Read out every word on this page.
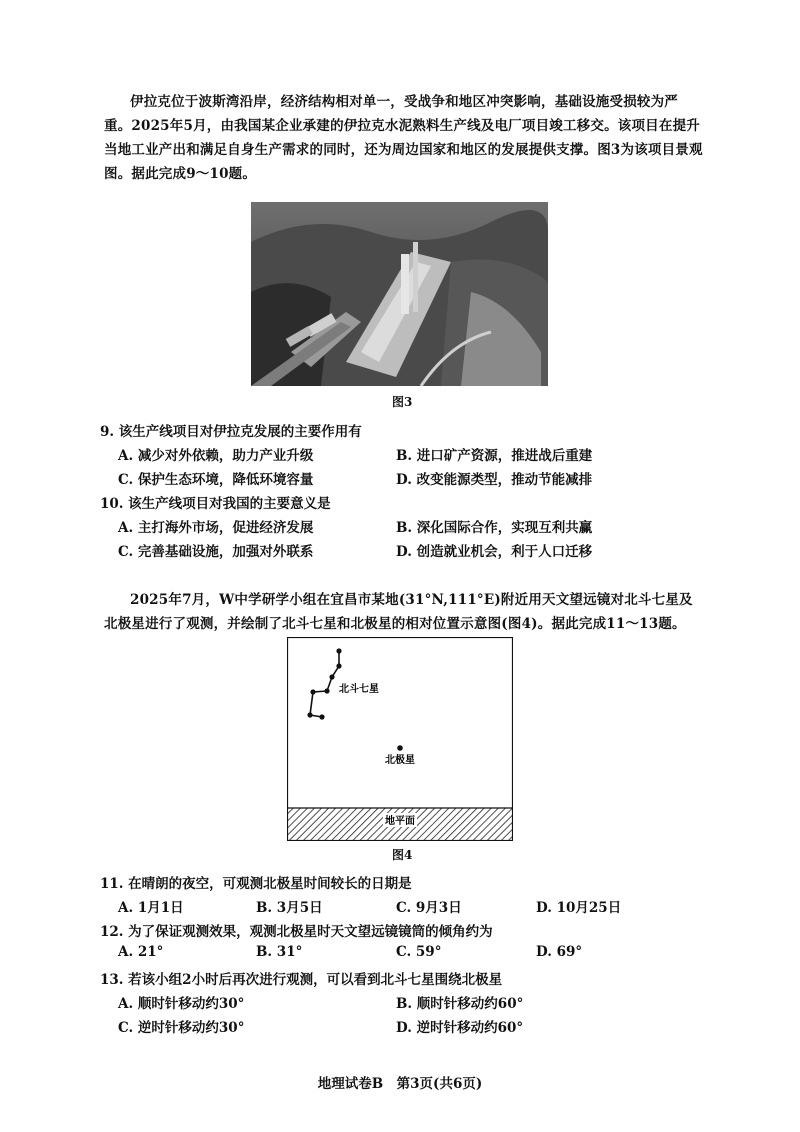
伊拉克位于波斯湾沿岸，经济结构相对单一，受战争和地区冲突影响，基础设施受损较为严重。2025年5月，由我国某企业承建的伊拉克水泥熟料生产线及电厂项目竣工移交。该项目在提升当地工业产出和满足自身生产需求的同时，还为周边国家和地区的发展提供支撑。图3为该项目景观图。据此完成9～10题。
图3
9. 该生产线项目对伊拉克发展的主要作用有
A. 减少对外依赖，助力产业升级	B. 进口矿产资源，推进战后重建
C. 保护生态环境，降低环境容量	D. 改变能源类型，推动节能减排
10. 该生产线项目对我国的主要意义是
A. 主打海外市场，促进经济发展	B. 深化国际合作，实现互利共赢
C. 完善基础设施，加强对外联系	D. 创造就业机会，利于人口迁移
2025年7月，W中学研学小组在宜昌市某地(31°N,111°E)附近用天文望远镜对北斗七星及北极星进行了观测，并绘制了北斗七星和北极星的相对位置示意图(图4)。据此完成11～13题。
地平面
北斗七星
北极星
图4
11. 在晴朗的夜空，可观测北极星时间较长的日期是
A. 1月1日	B. 3月5日	C. 9月3日	D. 10月25日
12. 为了保证观测效果，观测北极星时天文望远镜镜筒的倾角约为
A. 21°	B. 31°	C. 59°	D. 69°
13. 若该小组2小时后再次进行观测，可以看到北斗七星围绕北极星
A. 顺时针移动约30°	B. 顺时针移动约60°
C. 逆时针移动约30°	D. 逆时针移动约60°
地理试卷B　第3页(共6页)
